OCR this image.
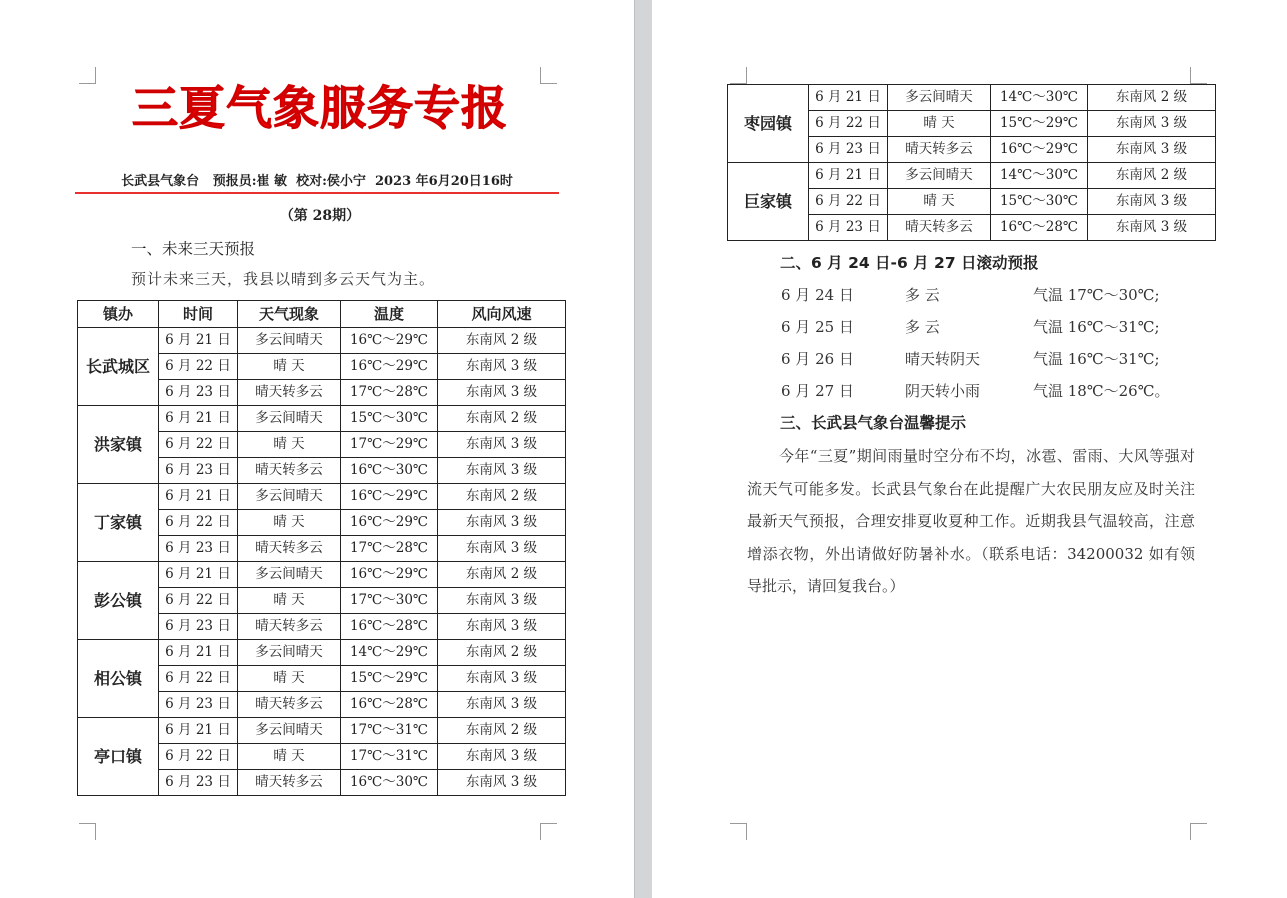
三夏气象服务专报
长武县气象台 预报员:崔 敏 校对:侯小宁 2023 年6月20日16时
（第 28期）
一、未来三天预报
预计未来三天，我县以晴到多云天气为主。
镇办	时间	天气现象	温度	风向风速
长武城区	6 月 21 日	多云间晴天	16℃～29℃	东南风 2 级
	6 月 22 日	晴 天	16℃～29℃	东南风 3 级
	6 月 23 日	晴天转多云	17℃～28℃	东南风 3 级
洪家镇	6 月 21 日	多云间晴天	15℃～30℃	东南风 2 级
	6 月 22 日	晴 天	17℃～29℃	东南风 3 级
	6 月 23 日	晴天转多云	16℃～30℃	东南风 3 级
丁家镇	6 月 21 日	多云间晴天	16℃～29℃	东南风 2 级
	6 月 22 日	晴 天	16℃～29℃	东南风 3 级
	6 月 23 日	晴天转多云	17℃～28℃	东南风 3 级
彭公镇	6 月 21 日	多云间晴天	16℃～29℃	东南风 2 级
	6 月 22 日	晴 天	17℃～30℃	东南风 3 级
	6 月 23 日	晴天转多云	16℃～28℃	东南风 3 级
相公镇	6 月 21 日	多云间晴天	14℃～29℃	东南风 2 级
	6 月 22 日	晴 天	15℃～29℃	东南风 3 级
	6 月 23 日	晴天转多云	16℃～28℃	东南风 3 级
亭口镇	6 月 21 日	多云间晴天	17℃～31℃	东南风 2 级
	6 月 22 日	晴 天	17℃～31℃	东南风 3 级
	6 月 23 日	晴天转多云	16℃～30℃	东南风 3 级
枣园镇	6 月 21 日	多云间晴天	14℃～30℃	东南风 2 级
	6 月 22 日	晴 天	15℃～29℃	东南风 3 级
	6 月 23 日	晴天转多云	16℃～29℃	东南风 3 级
巨家镇	6 月 21 日	多云间晴天	14℃～30℃	东南风 2 级
	6 月 22 日	晴 天	15℃～30℃	东南风 3 级
	6 月 23 日	晴天转多云	16℃～28℃	东南风 3 级
二、6 月 24 日-6 月 27 日滚动预报
6 月 24 日	多 云	气温 17℃～30℃;
6 月 25 日	多 云	气温 16℃～31℃;
6 月 26 日	晴天转阴天	气温 16℃～31℃;
6 月 27 日	阴天转小雨	气温 18℃～26℃。
三、长武县气象台温馨提示
今年“三夏”期间雨量时空分布不均，冰雹、雷雨、大风等强对流天气可能多发。长武县气象台在此提醒广大农民朋友应及时关注最新天气预报，合理安排夏收夏种工作。近期我县气温较高，注意增添衣物，外出请做好防暑补水。（联系电话：34200032 如有领导批示，请回复我台。）
